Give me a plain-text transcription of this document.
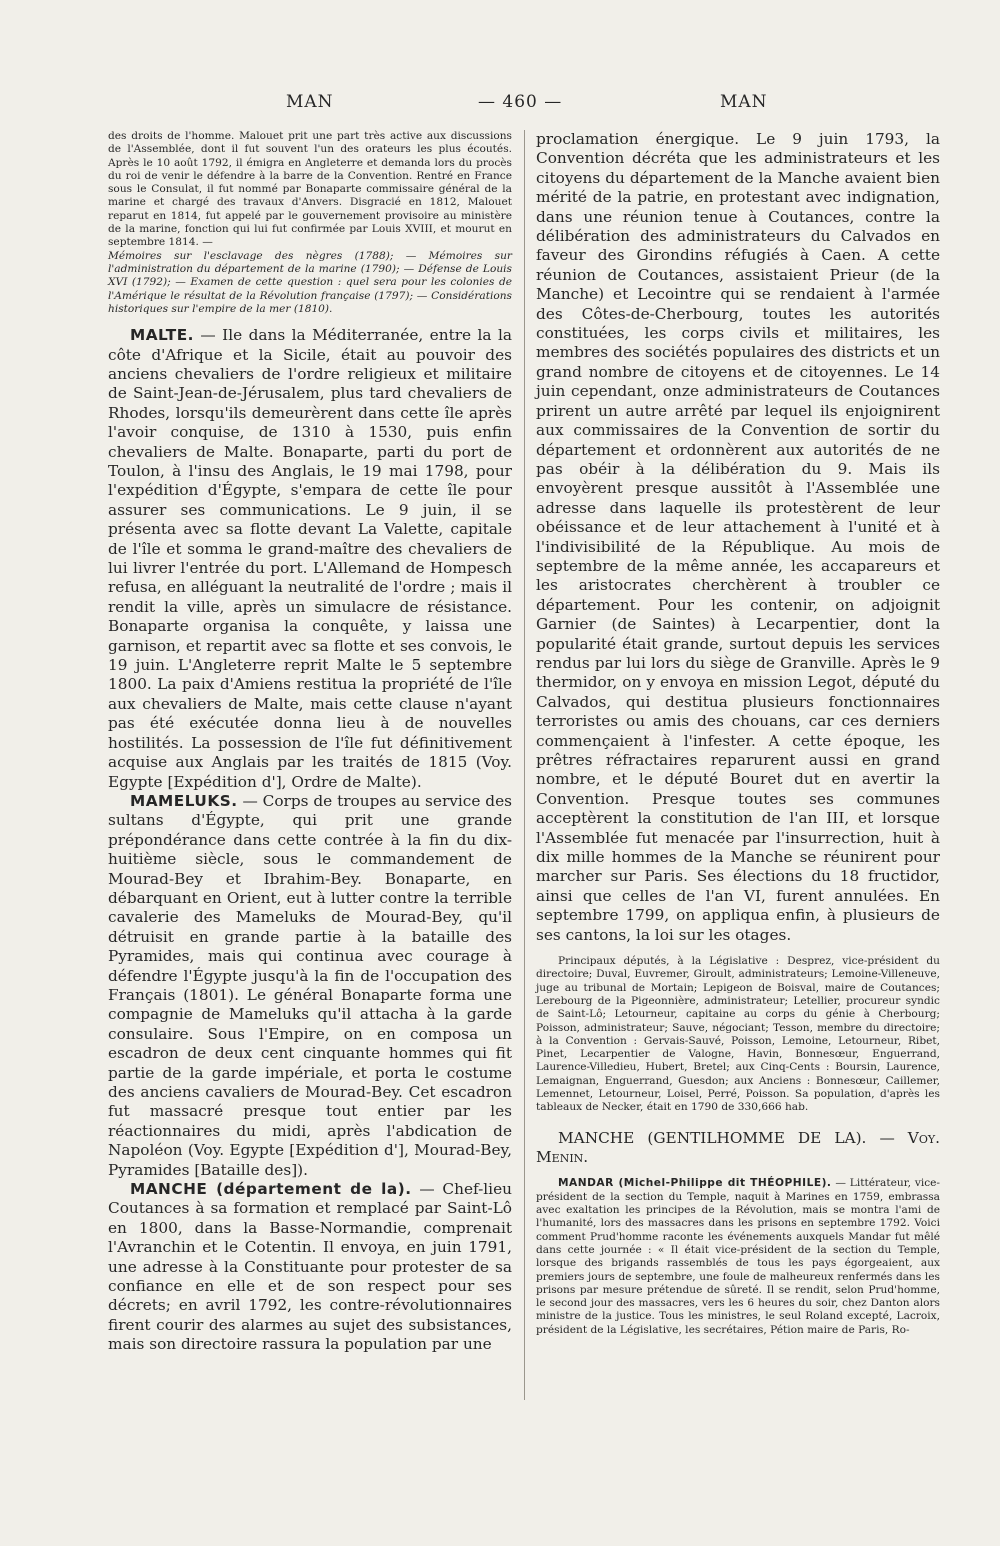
MAN	— 460 —	MAN

des droits de l'homme. Malouet prit une part très active aux discussions de l'Assemblée, dont il fut souvent l'un des orateurs les plus écoutés. Après le 10 août 1792, il émigra en Angleterre et demanda lors du procès du roi de venir le défendre à la barre de la Convention. Rentré en France sous le Consulat, il fut nommé par Bonaparte commissaire général de la marine et chargé des travaux d'Anvers. Disgracié en 1812, Malouet reparut en 1814, fut appelé par le gouvernement provisoire au ministère de la marine, fonction qui lui fut confirmée par Louis XVIII, et mourut en septembre 1814. —

Mémoires sur l'esclavage des nègres (1788); — Mémoires sur l'administration du département de la marine (1790); — Défense de Louis XVI (1792); — Examen de cette question : quel sera pour les colonies de l'Amérique le résultat de la Révolution française (1797); — Considérations historiques sur l'empire de la mer (1810).

MALTE. — Ile dans la Méditerranée, entre la la côte d'Afrique et la Sicile, était au pouvoir des anciens chevaliers de l'ordre religieux et militaire de Saint-Jean-de-Jérusalem, plus tard chevaliers de Rhodes, lorsqu'ils demeurèrent dans cette île après l'avoir conquise, de 1310 à 1530, puis enfin chevaliers de Malte. Bonaparte, parti du port de Toulon, à l'insu des Anglais, le 19 mai 1798, pour l'expédition d'Égypte, s'empara de cette île pour assurer ses communications. Le 9 juin, il se présenta avec sa flotte devant La Valette, capitale de l'île et somma le grand-maître des chevaliers de lui livrer l'entrée du port. L'Allemand de Hompesch refusa, en alléguant la neutralité de l'ordre ; mais il rendit la ville, après un simulacre de résistance. Bonaparte organisa la conquête, y laissa une garnison, et repartit avec sa flotte et ses convois, le 19 juin. L'Angleterre reprit Malte le 5 septembre 1800. La paix d'Amiens restitua la propriété de l'île aux chevaliers de Malte, mais cette clause n'ayant pas été exécutée donna lieu à de nouvelles hostilités. La possession de l'île fut définitivement acquise aux Anglais par les traités de 1815 (Voy. Egypte [Expédition d'], Ordre de Malte).

MAMELUKS. — Corps de troupes au service des sultans d'Égypte, qui prit une grande prépondérance dans cette contrée à la fin du dix-huitième siècle, sous le commandement de Mourad-Bey et Ibrahim-Bey. Bonaparte, en débarquant en Orient, eut à lutter contre la terrible cavalerie des Mameluks de Mourad-Bey, qu'il détruisit en grande partie à la bataille des Pyramides, mais qui continua avec courage à défendre l'Égypte jusqu'à la fin de l'occupation des Français (1801). Le général Bonaparte forma une compagnie de Mameluks qu'il attacha à la garde consulaire. Sous l'Empire, on en composa un escadron de deux cent cinquante hommes qui fit partie de la garde impériale, et porta le costume des anciens cavaliers de Mourad-Bey. Cet escadron fut massacré presque tout entier par les réactionnaires du midi, après l'abdication de Napoléon (Voy. Egypte [Expédition d'], Mourad-Bey, Pyramides [Bataille des]).

MANCHE (département de la). — Chef-lieu Coutances à sa formation et remplacé par Saint-Lô en 1800, dans la Basse-Normandie, comprenait l'Avranchin et le Cotentin. Il envoya, en juin 1791, une adresse à la Constituante pour protester de sa confiance en elle et de son respect pour ses décrets; en avril 1792, les contre-révolutionnaires firent courir des alarmes au sujet des subsistances, mais son directoire rassura la population par une

proclamation énergique. Le 9 juin 1793, la Convention décréta que les administrateurs et les citoyens du département de la Manche avaient bien mérité de la patrie, en protestant avec indignation, dans une réunion tenue à Coutances, contre la délibération des administrateurs du Calvados en faveur des Girondins réfugiés à Caen. A cette réunion de Coutances, assistaient Prieur (de la Manche) et Lecointre qui se rendaient à l'armée des Côtes-de-Cherbourg, toutes les autorités constituées, les corps civils et militaires, les membres des sociétés populaires des districts et un grand nombre de citoyens et de citoyennes. Le 14 juin cependant, onze administrateurs de Coutances prirent un autre arrêté par lequel ils enjoignirent aux commissaires de la Convention de sortir du département et ordonnèrent aux autorités de ne pas obéir à la délibération du 9. Mais ils envoyèrent presque aussitôt à l'Assemblée une adresse dans laquelle ils protestèrent de leur obéissance et de leur attachement à l'unité et à l'indivisibilité de la République. Au mois de septembre de la même année, les accapareurs et les aristocrates cherchèrent à troubler ce département. Pour les contenir, on adjoignit Garnier (de Saintes) à Lecarpentier, dont la popularité était grande, surtout depuis les services rendus par lui lors du siège de Granville. Après le 9 thermidor, on y envoya en mission Legot, député du Calvados, qui destitua plusieurs fonctionnaires terroristes ou amis des chouans, car ces derniers commençaient à l'infester. A cette époque, les prêtres réfractaires reparurent aussi en grand nombre, et le député Bouret dut en avertir la Convention. Presque toutes ses communes acceptèrent la constitution de l'an III, et lorsque l'Assemblée fut menacée par l'insurrection, huit à dix mille hommes de la Manche se réunirent pour marcher sur Paris. Ses élections du 18 fructidor, ainsi que celles de l'an VI, furent annulées. En septembre 1799, on appliqua enfin, à plusieurs de ses cantons, la loi sur les otages.

Principaux députés, à la Législative : Desprez, vice-président du directoire; Duval, Euvremer, Giroult, administrateurs; Lemoine-Villeneuve, juge au tribunal de Mortain; Lepigeon de Boisval, maire de Coutances; Lerebourg de la Pigeonnière, administrateur; Letellier, procureur syndic de Saint-Lô; Letourneur, capitaine au corps du génie à Cherbourg; Poisson, administrateur; Sauve, négociant; Tesson, membre du directoire; à la Convention : Gervais-Sauvé, Poisson, Lemoine, Letourneur, Ribet, Pinet, Lecarpentier de Valogne, Havin, Bonnesœur, Enguerrand, Laurence-Villedieu, Hubert, Bretel; aux Cinq-Cents : Boursin, Laurence, Lemaignan, Enguerrand, Guesdon; aux Anciens : Bonnesœur, Caillemer, Lemennet, Letourneur, Loisel, Perré, Poisson. Sa population, d'après les tableaux de Necker, était en 1790 de 330,666 hab.

MANCHE (GENTILHOMME DE LA). — Voy. Menin.

MANDAR (Michel-Philippe dit THÉOPHILE). — Littérateur, vice-président de la section du Temple, naquit à Marines en 1759, embrassa avec exaltation les principes de la Révolution, mais se montra l'ami de l'humanité, lors des massacres dans les prisons en septembre 1792. Voici comment Prud'homme raconte les événements auxquels Mandar fut mêlé dans cette journée : « Il était vice-président de la section du Temple, lorsque des brigands rassemblés de tous les pays égorgeaient, aux premiers jours de septembre, une foule de malheureux renfermés dans les prisons par mesure prétendue de sûreté. Il se rendit, selon Prud'homme, le second jour des massacres, vers les 6 heures du soir, chez Danton alors ministre de la justice. Tous les ministres, le seul Roland excepté, Lacroix, président de la Législative, les secrétaires, Pétion maire de Paris, Ro-
